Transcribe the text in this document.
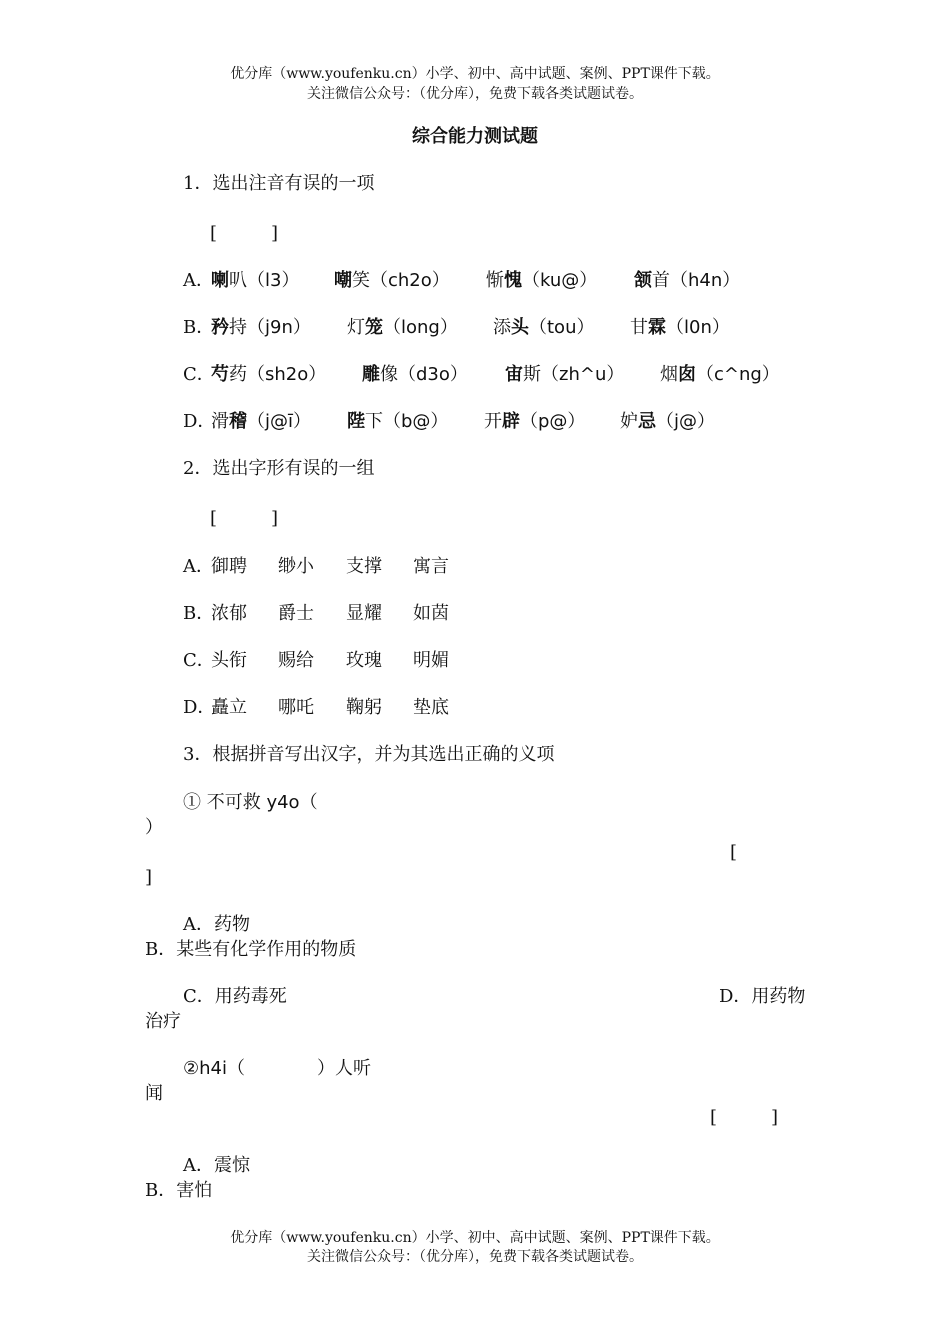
优分库（www.youfenku.cn）小学、初中、高中试题、案例、PPT课件下载。
关注微信公众号：（优分库），免费下载各类试题试卷。
综合能力测试题
1．选出注音有误的一项
[　　　]
A．
喇叭（l3） 嘲笑（ch2o） 惭愧（ku@） 颔首（h4n）
B．
矜持（j9n） 灯笼（long） 添头（tou） 甘霖（l0n）
C．
芍药（sh2o） 雕像（d3o） 宙斯（zh^u） 烟囱（c^ng）
D．
滑稽（j@ī） 陛下（b@） 开辟（p@） 妒忌（j@）
2．选出字形有误的一组
[　　　]
A．
御聘 缈小 支撑 寓言
B．
浓郁 爵士 显耀 如茵
C．
头衔 赐给 玫瑰 明媚
D．
矗立 哪吒 鞠躬 垫底
3．根据拼音写出汉字，并为其选出正确的义项
① 不可救 y4o（
）
[
]
A．药物
B．某些有化学作用的物质
C．用药毒死	D．用药物
治疗
②h4i（　　　　）人听
闻
[　　　]
A．震惊
B．害怕
优分库（www.youfenku.cn）小学、初中、高中试题、案例、PPT课件下载。
关注微信公众号：（优分库），免费下载各类试题试卷。
